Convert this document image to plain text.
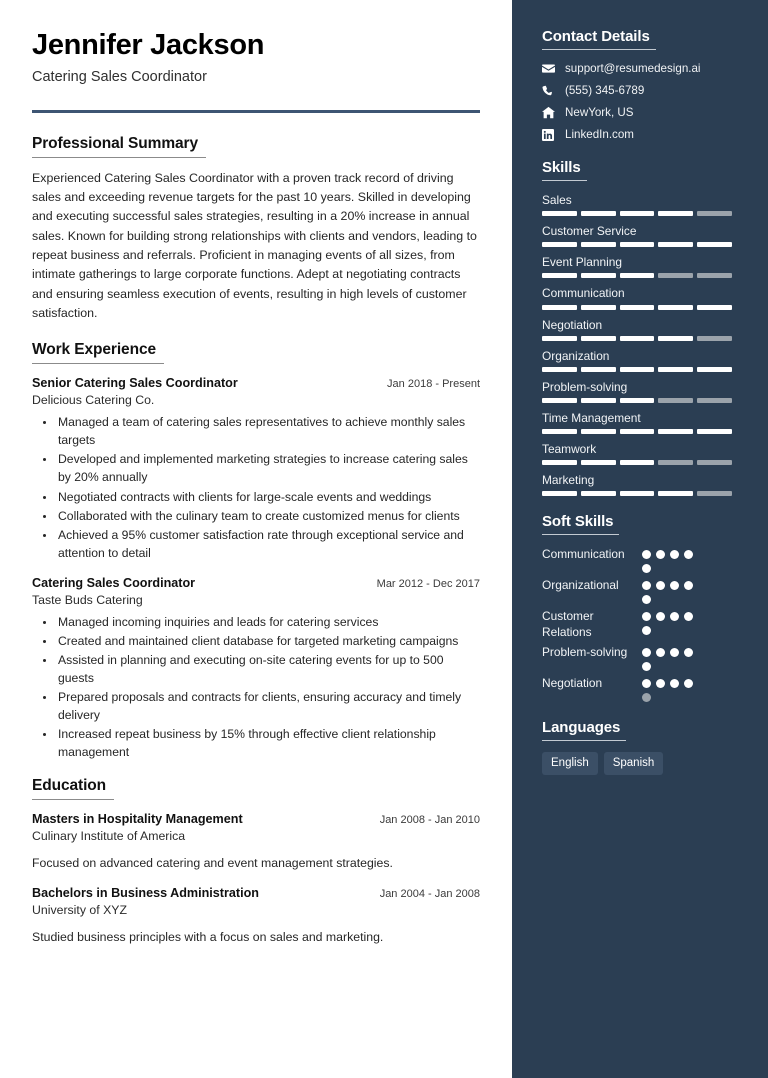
Jennifer Jackson
Catering Sales Coordinator
Professional Summary

Experienced Catering Sales Coordinator with a proven track record of driving sales and exceeding revenue targets for the past 10 years. Skilled in developing and executing successful sales strategies, resulting in a 20% increase in annual sales. Known for building strong relationships with clients and vendors, leading to repeat business and referrals. Proficient in managing events of all sizes, from intimate gatherings to large corporate functions. Adept at negotiating contracts and ensuring seamless execution of events, resulting in high levels of customer satisfaction.

Work Experience
Senior Catering Sales Coordinator	Jan 2018 - Present
Delicious Catering Co.
• Managed a team of catering sales representatives to achieve monthly sales targets
• Developed and implemented marketing strategies to increase catering sales by 20% annually
• Negotiated contracts with clients for large-scale events and weddings
• Collaborated with the culinary team to create customized menus for clients
• Achieved a 95% customer satisfaction rate through exceptional service and attention to detail
Catering Sales Coordinator	Mar 2012 - Dec 2017
Taste Buds Catering
• Managed incoming inquiries and leads for catering services
• Created and maintained client database for targeted marketing campaigns
• Assisted in planning and executing on-site catering events for up to 500 guests
• Prepared proposals and contracts for clients, ensuring accuracy and timely delivery
• Increased repeat business by 15% through effective client relationship management
Education
Masters in Hospitality Management	Jan 2008 - Jan 2010
Culinary Institute of America
Focused on advanced catering and event management strategies.
Bachelors in Business Administration	Jan 2004 - Jan 2008
University of XYZ
Studied business principles with a focus on sales and marketing.
Contact Details
support@resumedesign.ai
(555) 345-6789
NewYork, US
LinkedIn.com
Skills
Sales
Customer Service
Event Planning
Communication
Negotiation
Organization
Problem-solving
Time Management
Teamwork
Marketing
Soft Skills
Communication
Organizational
Customer Relations
Problem-solving
Negotiation
Languages
English	Spanish
